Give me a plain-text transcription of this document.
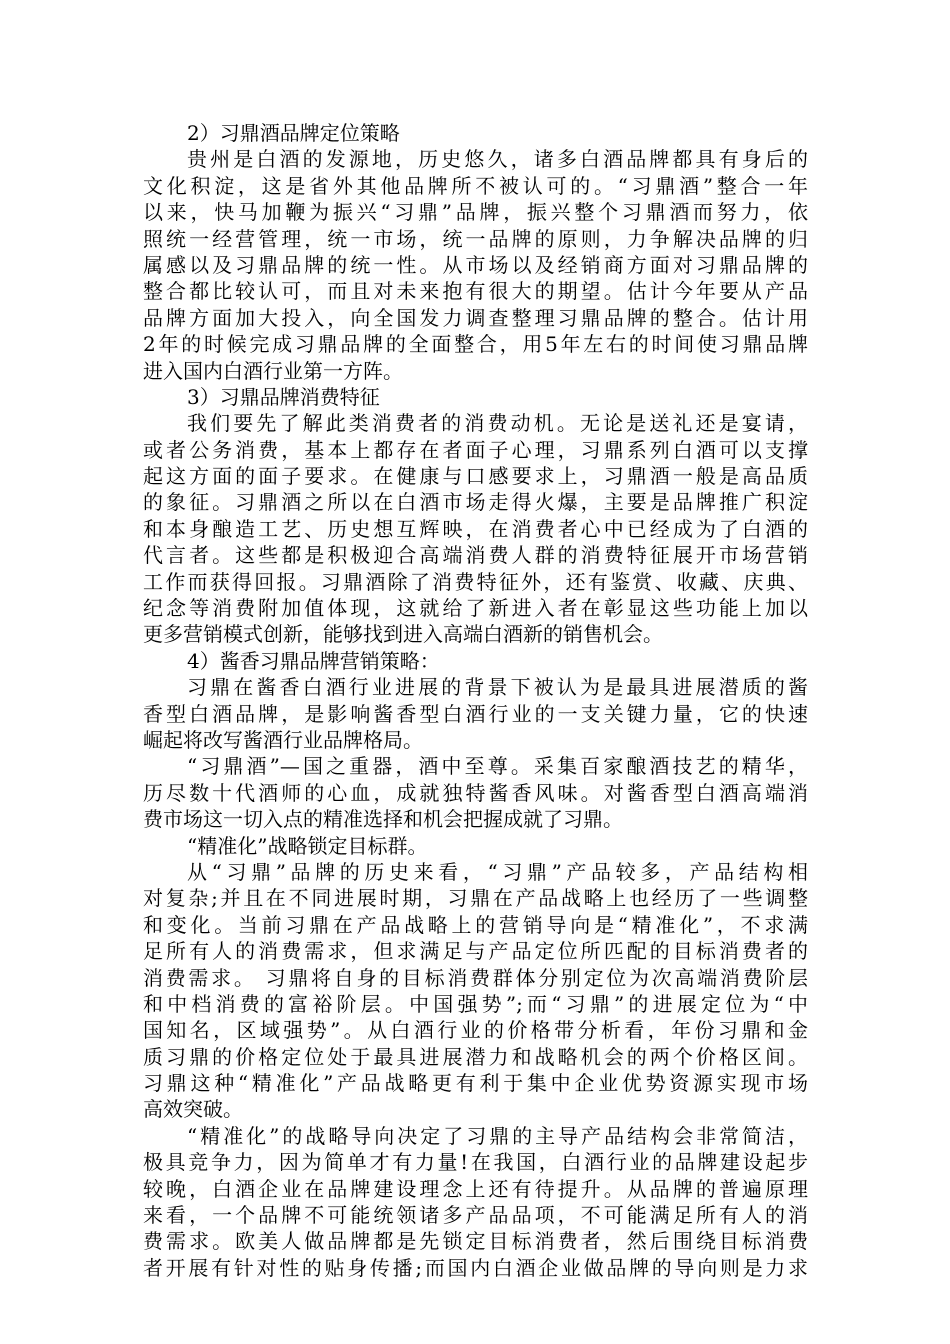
2）习鼎酒品牌定位策略
贵州是白酒的发源地，历史悠久，诸多白酒品牌都具有身后的
文化积淀，这是省外其他品牌所不被认可的。“习鼎酒”整合一年
以来，快马加鞭为振兴“习鼎”品牌，振兴整个习鼎酒而努力，依
照统一经营管理，统一市场，统一品牌的原则，力争解决品牌的归
属感以及习鼎品牌的统一性。从市场以及经销商方面对习鼎品牌的
整合都比较认可，而且对未来抱有很大的期望。估计今年要从产品
品牌方面加大投入，向全国发力调查整理习鼎品牌的整合。估计用
2年的时候完成习鼎品牌的全面整合，用5年左右的时间使习鼎品牌
进入国内白酒行业第一方阵。
3）习鼎品牌消费特征
我们要先了解此类消费者的消费动机。无论是送礼还是宴请，
或者公务消费，基本上都存在者面子心理，习鼎系列白酒可以支撑
起这方面的面子要求。在健康与口感要求上，习鼎酒一般是高品质
的象征。习鼎酒之所以在白酒市场走得火爆，主要是品牌推广积淀
和本身酿造工艺、历史想互辉映，在消费者心中已经成为了白酒的
代言者。这些都是积极迎合高端消费人群的消费特征展开市场营销
工作而获得回报。习鼎酒除了消费特征外，还有鉴赏、收藏、庆典、
纪念等消费附加值体现，这就给了新进入者在彰显这些功能上加以
更多营销模式创新，能够找到进入高端白酒新的销售机会。
4）酱香习鼎品牌营销策略：
习鼎在酱香白酒行业进展的背景下被认为是最具进展潜质的酱
香型白酒品牌，是影响酱香型白酒行业的一支关键力量，它的快速
崛起将改写酱酒行业品牌格局。
“习鼎酒”—国之重器，酒中至尊。采集百家酿酒技艺的精华，
历尽数十代酒师的心血，成就独特酱香风味。对酱香型白酒高端消
费市场这一切入点的精准选择和机会把握成就了习鼎。
“精准化”战略锁定目标群。
从“习鼎”品牌的历史来看，“习鼎”产品较多，产品结构相
对复杂;并且在不同进展时期，习鼎在产品战略上也经历了一些调整
和变化。当前习鼎在产品战略上的营销导向是“精准化”，不求满
足所有人的消费需求，但求满足与产品定位所匹配的目标消费者的
消费需求。 习鼎将自身的目标消费群体分别定位为次高端消费阶层
和中档消费的富裕阶层。中国强势”;而“习鼎”的进展定位为“中
国知名，区域强势”。从白酒行业的价格带分析看，年份习鼎和金
质习鼎的价格定位处于最具进展潜力和战略机会的两个价格区间。
习鼎这种“精准化”产品战略更有利于集中企业优势资源实现市场
高效突破。
“精准化”的战略导向决定了习鼎的主导产品结构会非常简洁，
极具竞争力，因为简单才有力量!在我国，白酒行业的品牌建设起步
较晚，白酒企业在品牌建设理念上还有待提升。从品牌的普遍原理
来看，一个品牌不可能统领诸多产品品项，不可能满足所有人的消
费需求。欧美人做品牌都是先锁定目标消费者，然后围绕目标消费
者开展有针对性的贴身传播;而国内白酒企业做品牌的导向则是力求
